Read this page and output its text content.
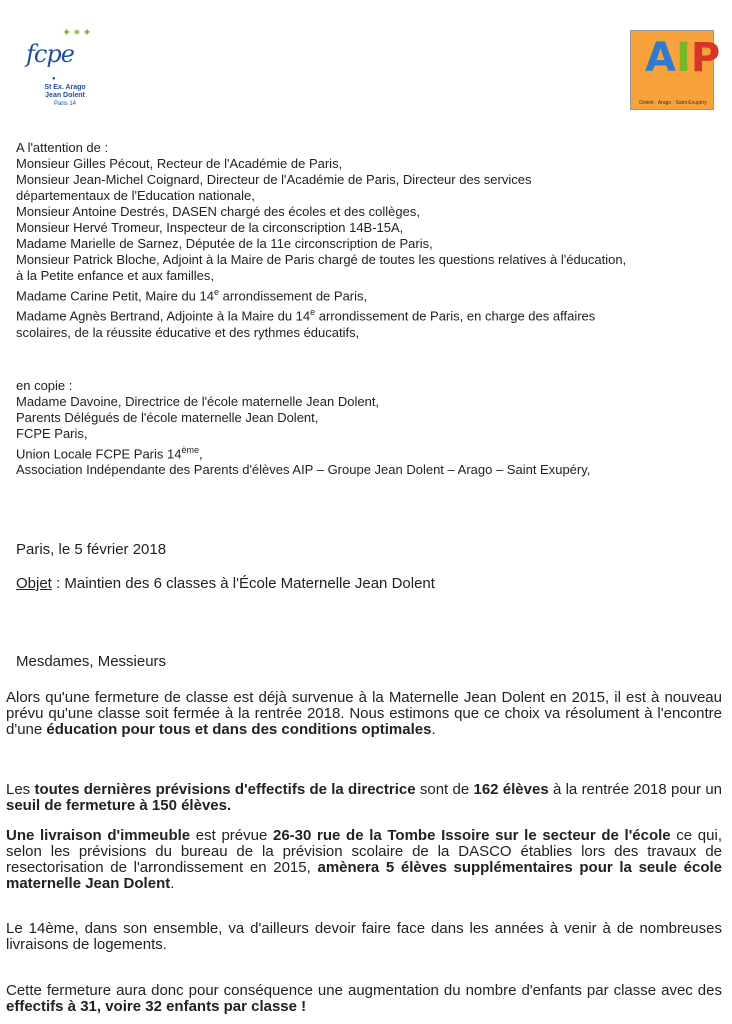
✦✶✦
fcpe
●
St Ex. Arago
Jean Dolent
Paris 14
AIP
Dolent · Arago · Saint Exupéry

A l'attention de :

Monsieur Gilles Pécout, Recteur de l'Académie de Paris,

Monsieur Jean-Michel Coignard, Directeur de l'Académie de Paris, Directeur des services

départementaux de l'Education nationale,

Monsieur Antoine Destrés, DASEN chargé des écoles et des collèges,

Monsieur Hervé Tromeur, Inspecteur de la circonscription 14B-15A,

Madame Marielle de Sarnez, Députée de la 11e circonscription de Paris,

Monsieur Patrick Bloche, Adjoint à la Maire de Paris chargé de toutes les questions relatives à l'éducation,

à la Petite enfance et aux familles,

Madame Carine Petit, Maire du 14e arrondissement de Paris,

Madame Agnès Bertrand, Adjointe à la Maire du 14e arrondissement de Paris, en charge des affaires

scolaires, de la réussite éducative et des rythmes éducatifs,

en copie :

Madame Davoine, Directrice de l'école maternelle Jean Dolent,

Parents Délégués de l'école maternelle Jean Dolent,

FCPE Paris,

Union Locale FCPE Paris 14ème,

Association Indépendante des Parents d'élèves AIP – Groupe Jean Dolent – Arago – Saint Exupéry,

Paris, le 5 février 2018
Objet : Maintien des 6 classes à l'École Maternelle Jean Dolent
Mesdames, Messieurs

Alors qu'une fermeture de classe est déjà survenue à la Maternelle Jean Dolent en 2015, il est à nouveau prévu qu'une classe soit fermée à la rentrée 2018. Nous estimons que ce choix va résolument à l'encontre d'une éducation pour tous et dans des conditions optimales.

Les toutes dernières prévisions d'effectifs de la directrice sont de 162 élèves à la rentrée 2018 pour un seuil de fermeture à 150 élèves.

Une livraison d'immeuble est prévue 26-30 rue de la Tombe Issoire sur le secteur de l'école ce qui, selon les prévisions du bureau de la prévision scolaire de la DASCO établies lors des travaux de resectorisation de l'arrondissement en 2015, amènera 5 élèves supplémentaires pour la seule école maternelle Jean Dolent.

Le 14ème, dans son ensemble, va d'ailleurs devoir faire face dans les années à venir à de nombreuses livraisons de logements.

Cette fermeture aura donc pour conséquence une augmentation du nombre d'enfants par classe avec des effectifs à 31, voire 32 enfants par classe !
